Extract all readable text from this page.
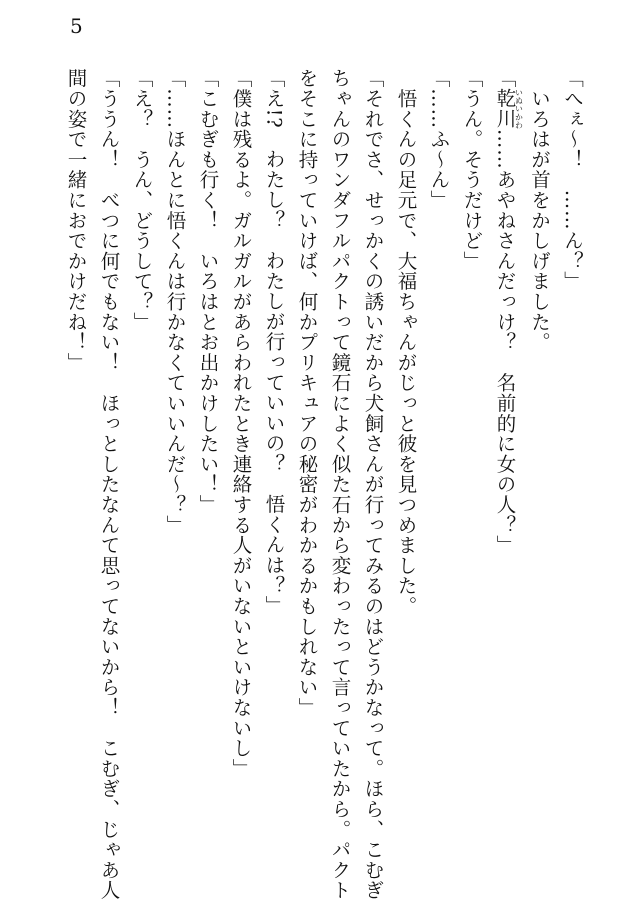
5
「へぇ～！　……ん？」
　いろはが首をかしげました。
「乾川いぬいかわ……あやねさんだっけ？　名前的に女の人？」
「うん。そうだけど」
「……ふ～ん」
　悟くんの足元で、大福ちゃんがじっと彼を見つめました。
「それでさ、せっかくの誘いだから犬飼さんが行ってみるのはどうかなって。ほら、こむぎ
ちゃんのワンダフルパクトって鏡石によく似た石から変わったって言っていたから。パクト
をそこに持っていけば、何かプリキュアの秘密がわかるかもしれない」
「え!?　わたし？　わたしが行っていいの？　悟くんは？」
「僕は残るよ。ガルガルがあらわれたとき連絡する人がいないといけないし」
「こむぎも行く！　いろはとお出かけしたい！」
「……ほんとに悟くんは行かなくていいんだ～？」
「え？　うん、どうして？」
「ううん！　べつに何でもない！　ほっとしたなんて思ってないから！　こむぎ、じゃあ人
間の姿で一緒におでかけだね！」
